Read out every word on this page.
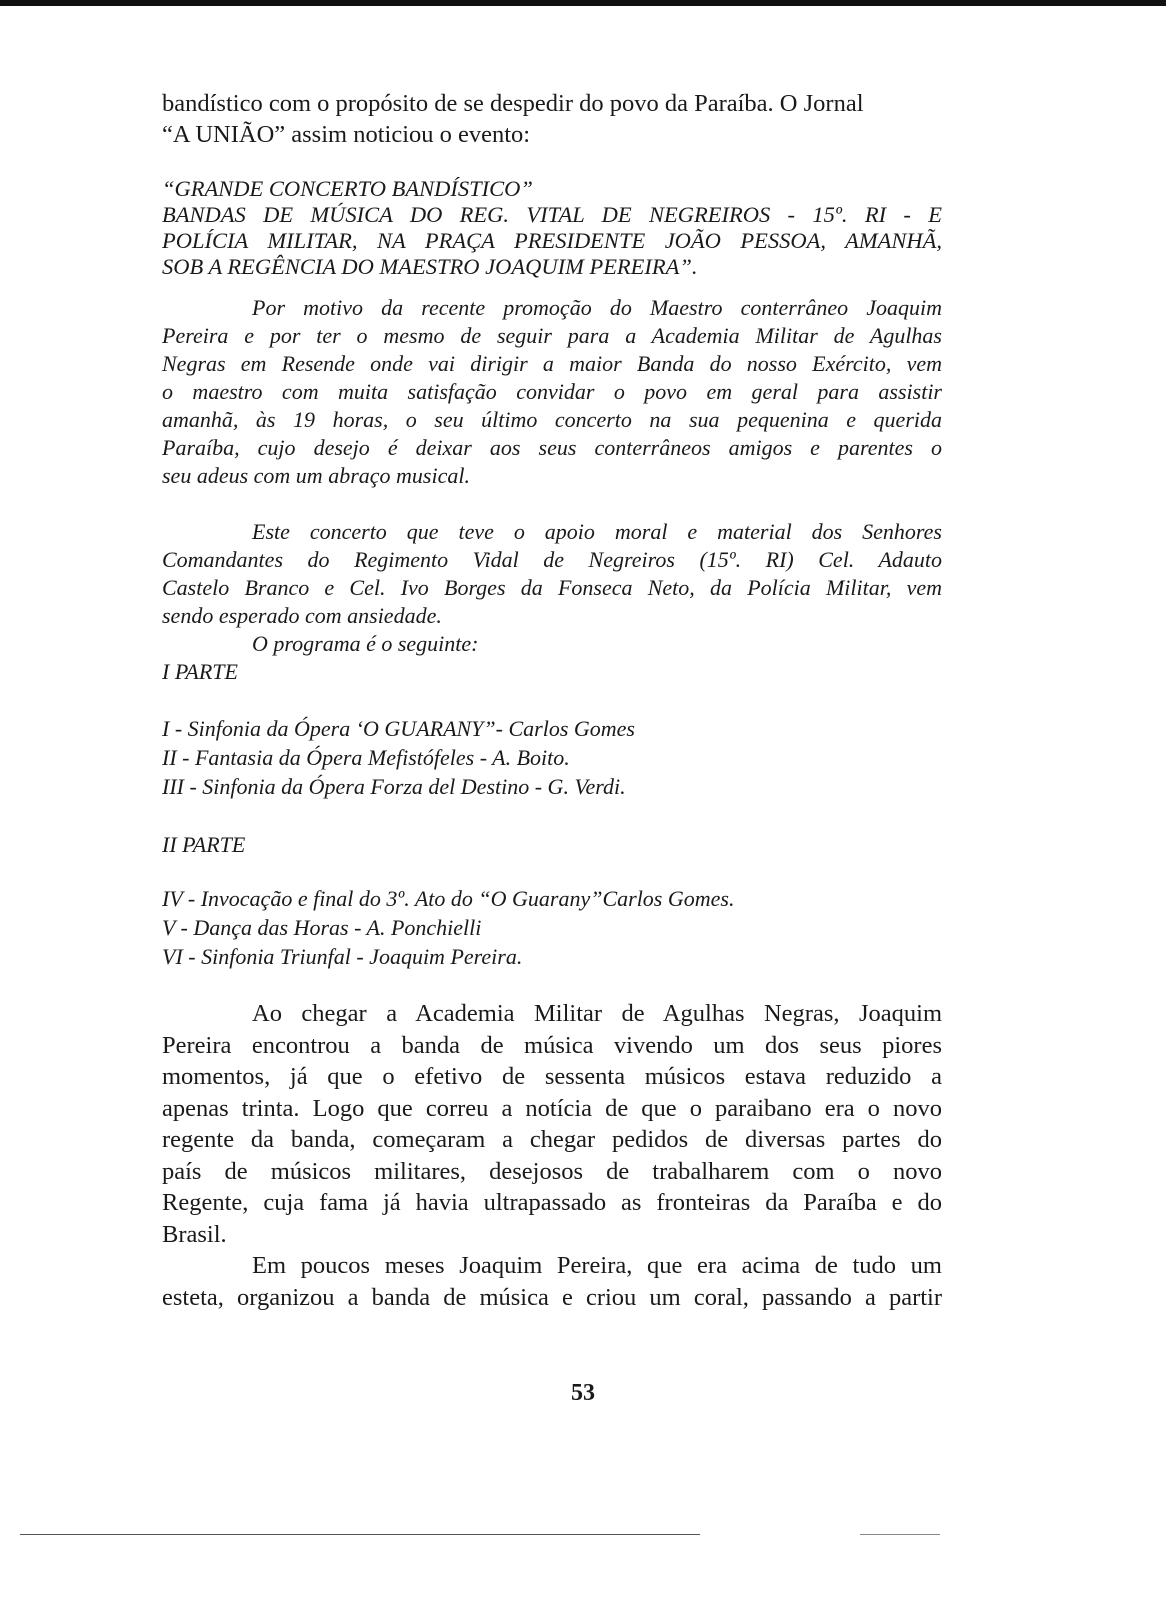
bandístico com o propósito de se despedir do povo da Paraíba. O Jornal
“A UNIÃO” assim noticiou o evento:
“GRANDE CONCERTO BANDÍSTICO”
BANDAS DE MÚSICA DO REG. VITAL DE NEGREIROS - 15º. RI - E
POLÍCIA MILITAR, NA PRAÇA PRESIDENTE JOÃO PESSOA, AMANHÃ,
SOB A REGÊNCIA DO MAESTRO JOAQUIM PEREIRA”.
Por motivo da recente promoção do Maestro conterrâneo Joaquim
Pereira e por ter o mesmo de seguir para a Academia Militar de Agulhas
Negras em Resende onde vai dirigir a maior Banda do nosso Exército, vem
o maestro com muita satisfação convidar o povo em geral para assistir
amanhã, às 19 horas, o seu último concerto na sua pequenina e querida
Paraíba, cujo desejo é deixar aos seus conterrâneos amigos e parentes o
seu adeus com um abraço musical.
Este concerto que teve o apoio moral e material dos Senhores
Comandantes do Regimento Vidal de Negreiros (15º. RI) Cel. Adauto
Castelo Branco e Cel. Ivo Borges da Fonseca Neto, da Polícia Militar, vem
sendo esperado com ansiedade.
O programa é o seguinte:
I PARTE
I - Sinfonia da Ópera ‘O GUARANY”- Carlos Gomes
II - Fantasia da Ópera Mefistófeles - A. Boito.
III - Sinfonia da Ópera Forza del Destino - G. Verdi.
II PARTE
IV - Invocação e final do 3º. Ato do “O Guarany”Carlos Gomes.
V - Dança das Horas - A. Ponchielli
VI - Sinfonia Triunfal - Joaquim Pereira.
Ao chegar a Academia Militar de Agulhas Negras, Joaquim
Pereira encontrou a banda de música vivendo um dos seus piores
momentos, já que o efetivo de sessenta músicos estava reduzido a
apenas trinta. Logo que correu a notícia de que o paraibano era o novo
regente da banda, começaram a chegar pedidos de diversas partes do
país de músicos militares, desejosos de trabalharem com o novo
Regente, cuja fama já havia ultrapassado as fronteiras da Paraíba e do
Brasil.
Em poucos meses Joaquim Pereira, que era acima de tudo um
esteta, organizou a banda de música e criou um coral, passando a partir
53
